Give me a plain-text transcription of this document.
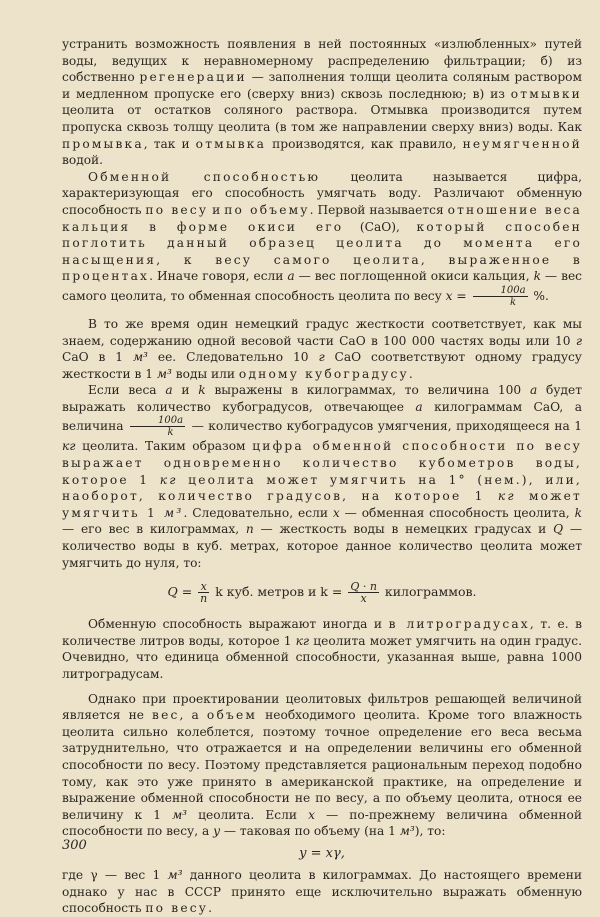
устранить возможность появления в ней постоянных «излюбленных» путей воды, ведущих к неравномерному распределению фильтрации; б) из собственно регенерации — заполнения толщи цеолита соляным раствором и медленном пропуске его (сверху вниз) сквозь последнюю; в) из отмывки цеолита от остатков соляного раствора. Отмывка производится путем пропуска сквозь толщу цеолита (в том же направлении сверху вниз) воды. Как промывка, так и отмывка производятся, как правило, неумягченной водой.

Обменной способностью цеолита называется цифра, характеризующая его способность умягчать воду. Различают обменную способность по весу и по объему. Первой называется отношение веса кальция в форме окиси его (CaO), который способен поглотить данный образец цеолита до момента его насыщения, к весу самого цеолита, выраженное в процентах. Иначе говоря, если a — вес поглощенной окиси кальция, k — вес самого цеолита, то обменная способность цеолита по весу $x = \frac{100a}{k}$ %.

В то же время один немецкий градус жесткости соответствует, как мы знаем, содержанию одной весовой части CaO в 100 000 частях воды или 10 г CaO в 1 м³ ее. Следовательно 10 г CaO соответствуют одному градусу жесткости в 1 м³ воды или одному кубоградусу.

Если веса a и k выражены в килограммах, то величина 100 a будет выражать количество кубоградусов, отвечающее a килограммам CaO, а величина $\frac{100a}{k}$ — количество кубоградусов умягчения, приходящееся на 1 кг цеолита. Таким образом цифра обменной способности по весу выражает одновременно количество кубометров воды, которое 1 кг цеолита может умягчить на 1° (нем.), или, наоборот, количество градусов, на которое 1 кг может умягчить 1 м³. Следовательно, если x — обменная способность цеолита, k — его вес в килограммах, n — жесткость воды в немецких градусах и Q — количество воды в куб. метрах, которое данное количество цеолита может умягчить до нуля, то:

$Q = \frac{x}{n}$ k куб. метров и $k = \frac{Q \cdot n}{x}$ килограммов.

Обменную способность выражают иногда и в литроградусах, т. е. в количестве литров воды, которое 1 кг цеолита может умягчить на один градус. Очевидно, что единица обменной способности, указанная выше, равна 1000 литроградусам.

Однако при проектировании цеолитовых фильтров решающей величиной является не вес, а объем необходимого цеолита. Кроме того влажность цеолита сильно колеблется, поэтому точное определение его веса весьма затруднительно, что отражается и на определении величины его обменной способности по весу. Поэтому представляется рациональным переход подобно тому, как это уже принято в американской практике, на определение и выражение обменной способности не по весу, а по объему цеолита, относя ее величину к 1 м³ цеолита. Если x — по-прежнему величина обменной способности по весу, а y — таковая по объему (на 1 м³), то:

y = xγ,

где γ — вес 1 м³ данного цеолита в килограммах. До настоящего времени однако у нас в СССР принято еще исключительно выражать обменную способность по весу.

300
